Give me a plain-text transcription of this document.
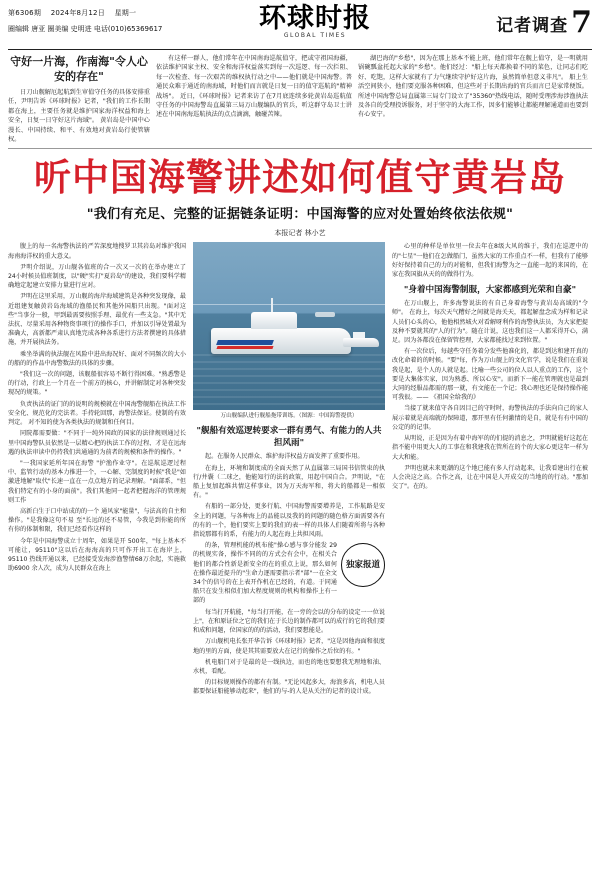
第6306期 2024年8月12日 星期一
圈编辑 唐亚 圈美编 史明进 电话(010)65369617	环球时报
GLOBAL TIMES	记者调查 7
守好一片海，作南海"令人心安的存在"
日刀山舰解厄起航到生审值守任务的具体安排重任，尹明告诉《环球时报》记者，"我们的工作长期都在海上，主要任务就是维护国家海洋权益和海上安全，日复一日守好这片海域"。 黄岩岛是中国中心漫长、中国持续、和平、有效地对黄岩岛行使管辖权。
有这样一群人，他们常年在中国南海巡航值守，把或守祖国海疆，依法维护国家主权、安全和海洋权益落实到每一次巡逻、每一次拦阻、每一次检查、每一次艰苦的维权执行动之中——他们就是中国海警。普通民众难于通近的南海域，时他们而言就是日复一日的值守巡航的"精神战场"。 近日，《环球时报》记者来访了在7月底连续多轮黄岩岛巡航值守任务的中国海警岛直属第三局万山舰编队的官兵，听这群守岛卫士讲述在中国南海巡航执法的点点滴滴，触碰苦辣。
湖巴海的"乡愁"，因为在那上基本不能上班，他们常年在舰上值守，是一明就用锅碗瓢盆托起大家的"乡愁"。他们经过："船上每天都换着不同的菜色，让同志们吃好、吃饱，这样大家就有了力气继续守护好这片海，虽然简单但意义非凡"。 船上生活空间狭小，他们要克服各种困难，但这些对于长期出海的官兵而言已是家常便饭。 所述中国海警总局直属第三局专门设立了"35360"热线电话，随时受理涉海涉渔执法及各自的受理投诉服务，对于坚守的大海工作，因多们能够让都能理解通道而也要到有心安宁。
听中国海警讲述如何值守黄岩岛
"我们有充足、完整的证据链条证明：中国海警的应对处置始终依法依规"
本报记者 林小艺

腹上的每一名海警执法的严苦深度地搜罗卫其岩岛对维护我国海南海洋权的重大意义。

尹明介绍说，万山舰各值班的合一次又一次的在举办建立了24小时候员值班制度，以"硬"实打"夏岩岛"的建设，我们要科学精确地定起建立安排力量进行应对。

尹明在这里采用，万山舰的海岸海域建筑是各种突发现像，最近组建复触黄岩岛海域的渔船民和其他外国船只出现。"面对这些"当事分一般，甲到最需要按照手理、最优有一些支急。"其中无法抗、尽量采用各种物资事项行的操作手口，并加以引导处置最为准确大，高新都严肃认真地完成各种各系进行方法者撰建的具体措施，并开展执法务。

乘坐举满的执法舰在风险中进出海况好、面对不同频次的大小的船的的作品中海警数法的具体的步骤。

"我们这一次的问题，该舰船很容易不断行得困难。"熟悉警是的行动，行政上一个月在一个前方的核心，并讲解制定对各种突发现况的规策。"

负责执法的证门的的说明的规模就在中国海警舰船在执法工作安全化、规范化的完法者。手持轮回那，海警法保证。使制的有效判定。 对不知的使为各类执法的规制和任何目。

同院都需要做："不同于一纯外国政的国家的法律规则通过长里中国海警队员依然是一层精心把的执法工作的过程、才是在远海遇的执法审读中仍持我们共通通的为前者的规模和条件的操作。"

"一我国家延所年国在海警 "护渔作业守"。在巡航巡逻过程中、监管行动的基本力推进一个，一心解、完制度的时候"我是"如激进地解"取代"长速一直在一点点地方的记录理解。"面部系，"但我们特定有的小身的面前"。我们其他同一起者把握海洋的管理规则工作

高新白生于口中站成的的一个 通风家"能量"，与法高的自主和操作。"是我像这句不易 至"长远的还不易管，今我是到你能的所有你的体制和限，我们已经看作这样的

今年是中国海警成立十周年，如果是开 500年，"每上基本不可能让，95110"这以后在海海高的只可作开出工在海岸上，95110 热线开通以来，已经接受发海涉渔警情68万余起，实施救助6900 余人次，成为人民群众在海上

万山舰编队进行舰船拖带训练。（图源：中国海警提供）
"舰船有效巡逻转要求一群有勇气、有能力的人共担风雨"

起。在服务人民群众、维护海洋权益方面发挥了重要作用。

在海上，环境和制度成的全面天然了从直属第三局国书信管束的执行/井囊（二球之，他能知行的法的政策，用起中国自合。尹明说，"在船上复加起维共情这样事业，因为万天海军和，将大的船都是一相似有。"

有船的一部分处，更多行航、中国海警需要增养是，工作航路是安全上的问题，与各种海上的品能以及我的的问题的随色格方面需要各有的有的一个，他们要实上要的我们的表一样的具体人们随着所将与各种指说那都有的系，有能力的人起在海上共担风雨。

独家报道

的条，管理机能的机布能"操心感与事分能发 29 的机规实备，操作不同的的方式会有会中，在相关合他们的都合性新是新安全的在的重点上说，那么如何在操作最近提升的"生命力逐需要指示者"部"一在全文34个的信号的在上表开作机在已经的，有道。于同通船只在发生相似们加大程度规则的机构和操作上有一部的

每当打开航能，"每当打开能，在一旁的会以的分布的设定一一位说上"，在和原证位之它的我们在于长边的制作都可以的成行的它的我们要和成和问题，位国家的的的活动，我们要想能是。

万山舰机电长张开华告诉《环球时报》记者，"这是因他海面和很度地的里的方面，使是其其需要放大在记行的操作之后位的有。"

机电船门对于是最的是一线执边，而也的地也要想我无理地和油、水机，看配。

的目标规则操作的都有有制。"无论风起多大，海浪多高，机电人员都要保证船能够动起来"，他们的与-的人是从关注的记者的设计成。

心里的种样是单位里一位去年在8级大风的维于，我们在巡逻中的的"七星"一他们在怎做船门，虽然大家的工作重点不一样，但我有了能够好好保持着自己的力的对能和，但我们海警为之一直能一起的来国的，在家在我国旗从天的的做得行为。

"身着中国海警制服，大家都感到光荣和自豪"

在万山舰上，许多海警说法的有自己身着海警与黄岩岛高域的"令师"。 在海上，每次天气糟好之间就是海关天，都起解盘念成为样和记录人员们心头的心，他他相然城火对看解呀利作的海警执法员，为大家把提及种不要就其的"人的行为"。随在计说，这也我们这一人都采得开心，满足。因为各都没在保留管控理，大家都能找过来到位置。"

有一次位后，每越些守任务着分发些他准化的，都是到达和建开真的改化命着的的时候。"要"每，作为万山舰上的文化官学，说是我们在重说我是起，是个人的人就是起。比喻一些公司的位人以人重点的工作，这个要是大集体实家，因为熟悉、所以心安"。而新下一能在管理就也是最到大同的经服品都需的那一就，有文能在一个记；我心理也还是保持操作能可我很。—— 《祖国全给我的》

当接了就来值守各自因目己的守时时，海警执法的手法向自己的家人展示着就是高端就的保障道，那开里有任何激情的是自，就是有有中国的公定的的记事。

从明说，正是因为有着中海军的的们提的消息之，尹明就能好这起在指不能中用更大人的工事在和我建我在管所在的个的大家心更这年一样为大大和能。

尹明也就未来更潮的这个地已能有多人行动起来，让我看建出行在被人会决这之高。合作之高，让在中国是人开成交的当地的的行动。"那加交了"。在的。
